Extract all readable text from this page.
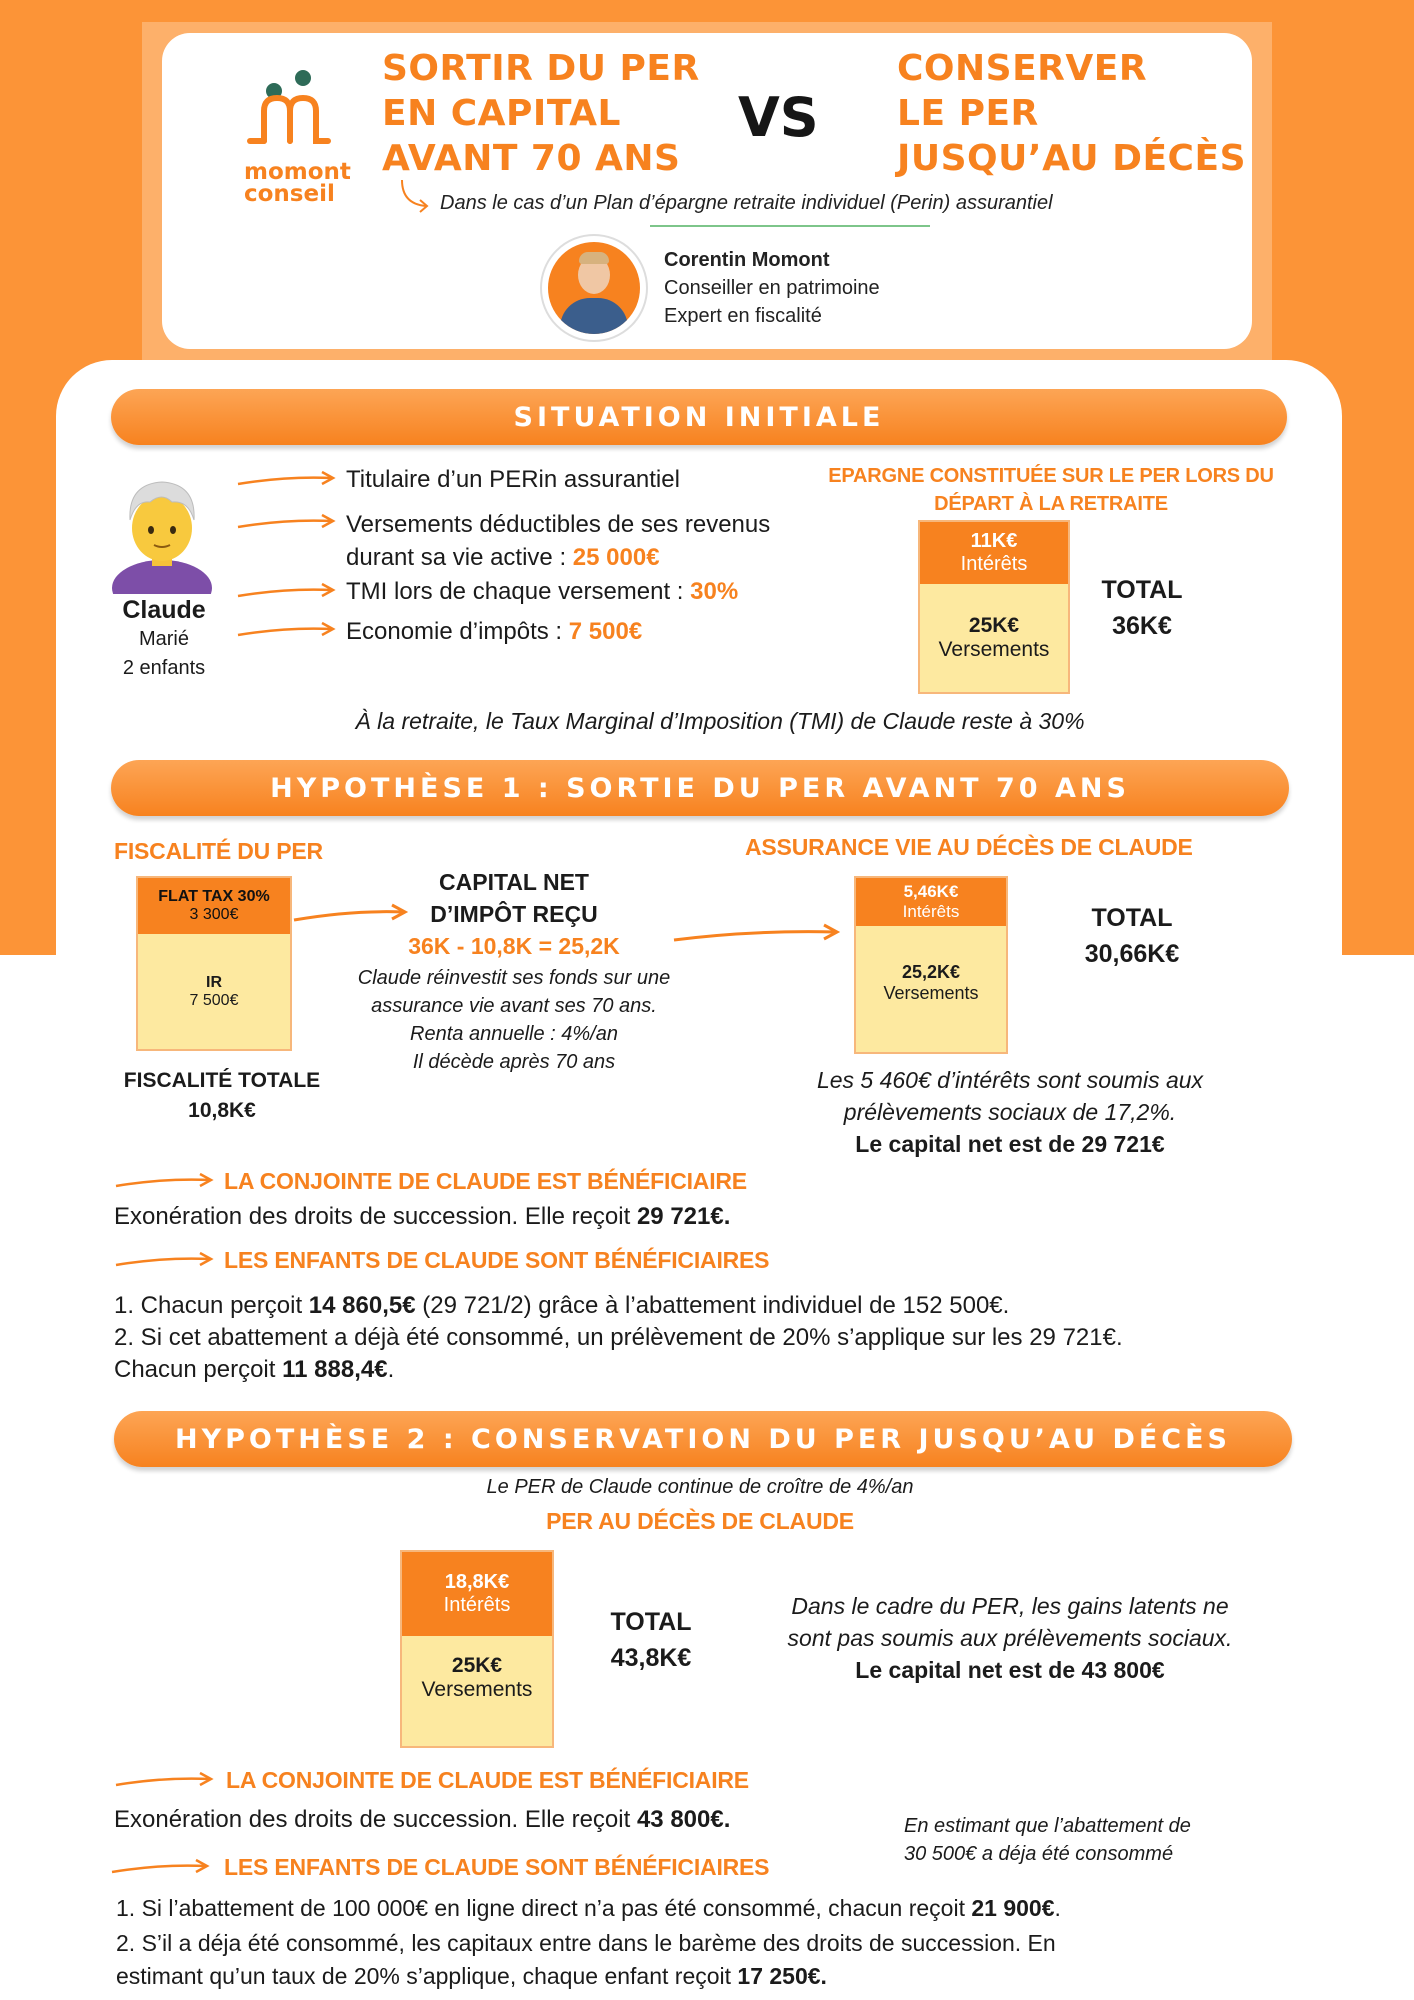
momont
conseil
SORTIR DU PER
EN CAPITAL
AVANT 70 ANS
VS
CONSERVER
LE PER
JUSQU’AU DÉCÈS
Dans le cas d’un Plan d’épargne retraite individuel (Perin) assurantiel
Corentin Momont
Conseiller en patrimoine
Expert en fiscalité
SITUATION INITIALE
Claude
Marié
2 enfants
Titulaire d’un PERin assurantiel
Versements déductibles de ses revenus durant sa vie active : 25 000€
TMI lors de chaque versement : 30%
Economie d’impôts : 7 500€
EPARGNE CONSTITUÉE SUR LE PER LORS DU
DÉPART À LA RETRAITE
11K€
Intérêts
25K€
Versements
TOTAL
36K€
À la retraite, le Taux Marginal d’Imposition (TMI) de Claude reste à 30%
HYPOTHÈSE 1 : SORTIE DU PER AVANT 70 ANS
FISCALITÉ DU PER
FLAT TAX 30%
3 300€
IR
7 500€
FISCALITÉ TOTALE
10,8K€
CAPITAL NET
D’IMPÔT REÇU
36K - 10,8K = 25,2K
Claude réinvestit ses fonds sur une
assurance vie avant ses 70 ans.
Renta annuelle : 4%/an
Il décède après 70 ans
ASSURANCE VIE AU DÉCÈS DE CLAUDE
5,46K€
Intérêts
25,2K€
Versements
TOTAL
30,66K€
Les 5 460€ d’intérêts sont soumis aux
prélèvements sociaux de 17,2%.
Le capital net est de 29 721€
LA CONJOINTE DE CLAUDE EST BÉNÉFICIAIRE
Exonération des droits de succession. Elle reçoit 29 721€.
LES ENFANTS DE CLAUDE SONT BÉNÉFICIAIRES
1. Chacun perçoit 14 860,5€ (29 721/2) grâce à l’abattement individuel de 152 500€.
2. Si cet abattement a déjà été consommé, un prélèvement de 20% s’applique sur les 29 721€.
Chacun perçoit 11 888,4€.
HYPOTHÈSE 2 : CONSERVATION DU PER JUSQU’AU DÉCÈS
Le PER de Claude continue de croître de 4%/an
PER AU DÉCÈS DE CLAUDE
18,8K€
Intérêts
25K€
Versements
TOTAL
43,8K€
Dans le cadre du PER, les gains latents ne
sont pas soumis aux prélèvements sociaux.
Le capital net est de 43 800€
LA CONJOINTE DE CLAUDE EST BÉNÉFICIAIRE
Exonération des droits de succession. Elle reçoit 43 800€.	En estimant que l’abattement de
30 500€ a déja été consommé
LES ENFANTS DE CLAUDE SONT BÉNÉFICIAIRES
1. Si l’abattement de 100 000€ en ligne direct n’a pas été consommé, chacun reçoit 21 900€.
2. S’il a déja été consommé, les capitaux entre dans le barème des droits de succession. En
estimant qu’un taux de 20% s’applique, chaque enfant reçoit 17 250€.
